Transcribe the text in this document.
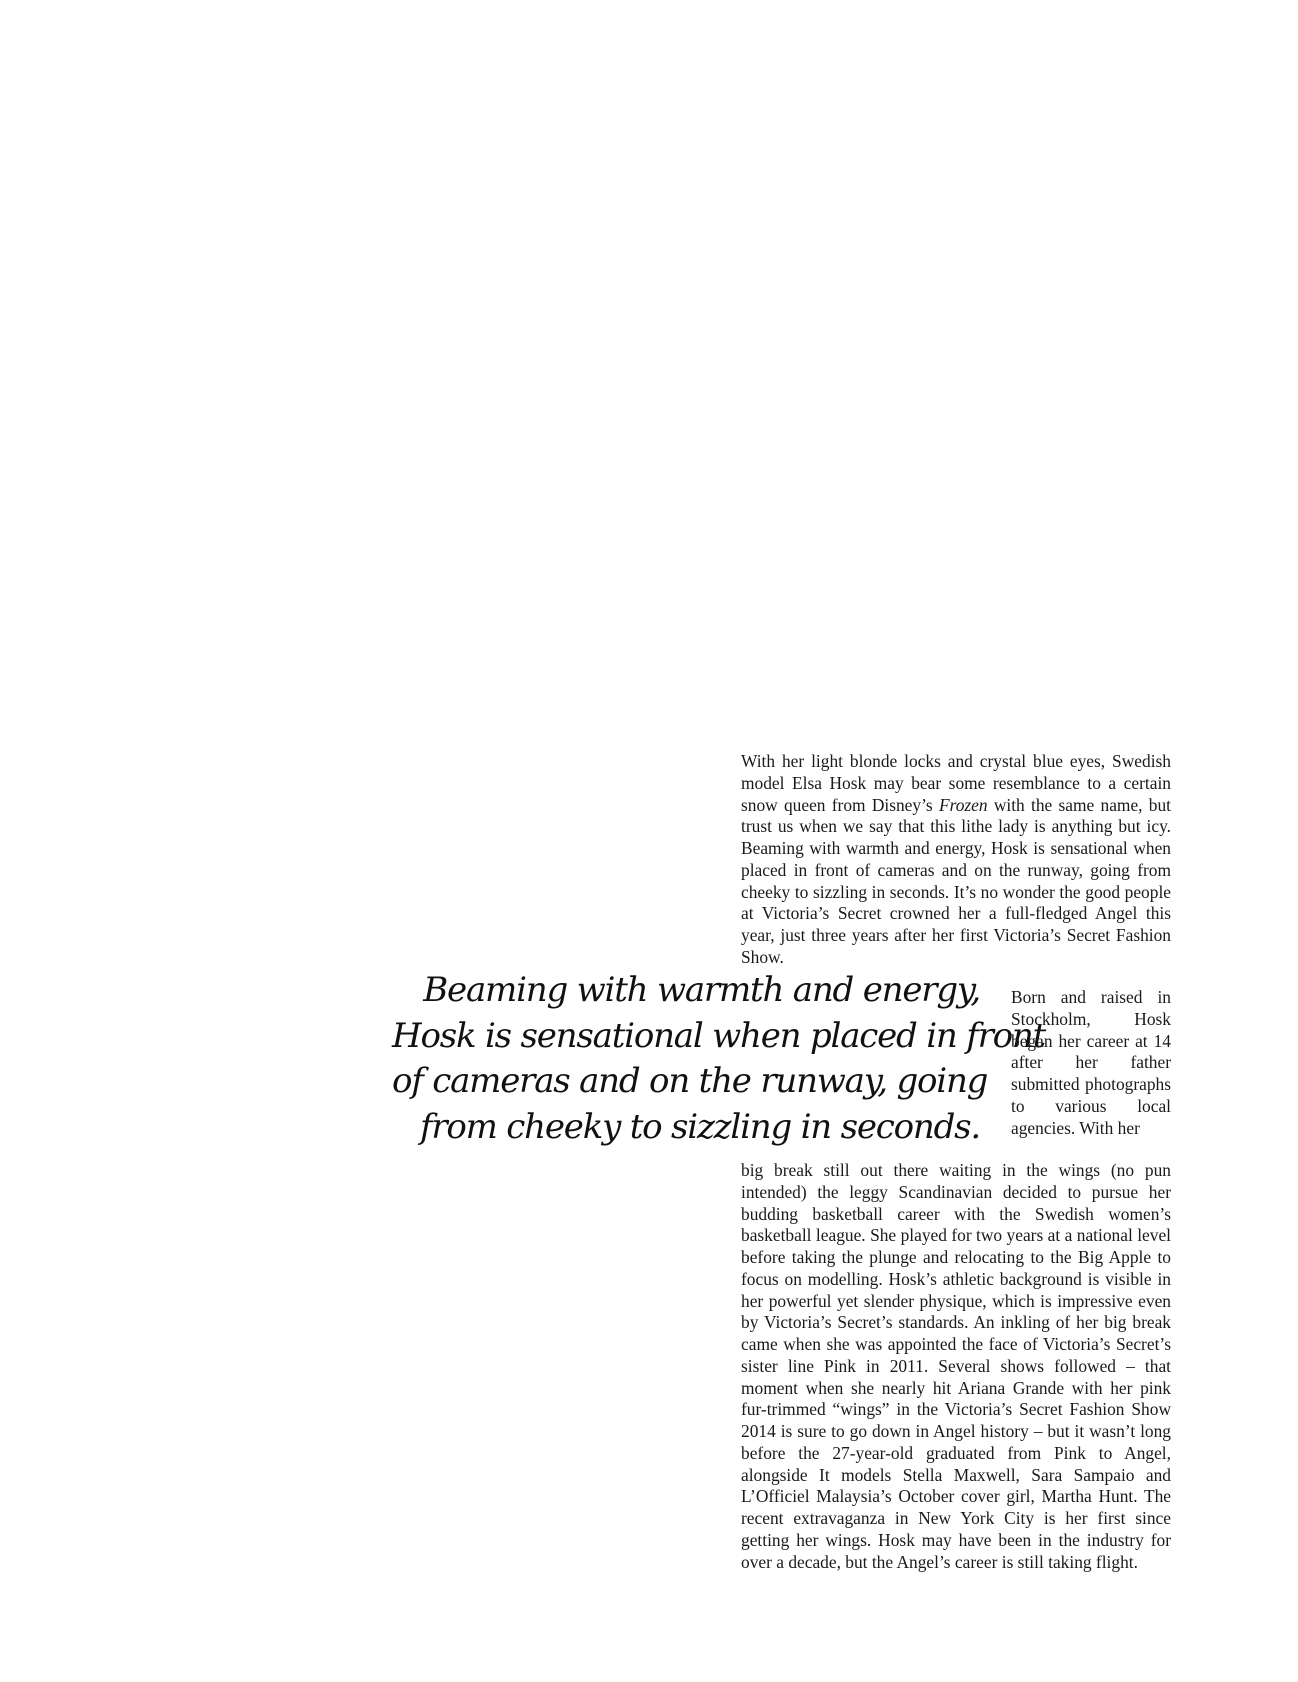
With her light blonde locks and crystal blue eyes, Swedish model Elsa Hosk may bear some resemblance to a certain snow queen from Disney’s Frozen with the same name, but trust us when we say that this lithe lady is anything but icy. Beaming with warmth and energy, Hosk is sensational when placed in front of cameras and on the runway, going from cheeky to sizzling in seconds. It’s no wonder the good people at Victoria’s Secret crowned her a full-fledged Angel this year, just three years after her first Victoria’s Secret Fashion Show.

Beaming with warmth and energy,
Hosk is sensational when placed in front
of cameras and on the runway, going
from cheeky to sizzling in seconds.

Born and raised in Stockholm, Hosk began her career at 14 after her father submitted photographs to various local agencies. With her

big break still out there waiting in the wings (no pun intended) the leggy Scandinavian decided to pursue her budding basketball career with the Swedish women’s basketball league. She played for two years at a national level before taking the plunge and relocating to the Big Apple to focus on modelling. Hosk’s athletic background is visible in her powerful yet slender physique, which is impressive even by Victoria’s Secret’s standards. An inkling of her big break came when she was appointed the face of Victoria’s Secret’s sister line Pink in 2011. Several shows followed – that moment when she nearly hit Ariana Grande with her pink fur-trimmed “wings” in the Victoria’s Secret Fashion Show 2014 is sure to go down in Angel history – but it wasn’t long before the 27-year-old graduated from Pink to Angel, alongside It models Stella Maxwell, Sara Sampaio and L’Officiel Malaysia’s October cover girl, Martha Hunt. The recent extravaganza in New York City is her first since getting her wings. Hosk may have been in the industry for over a decade, but the Angel’s career is still taking flight.
